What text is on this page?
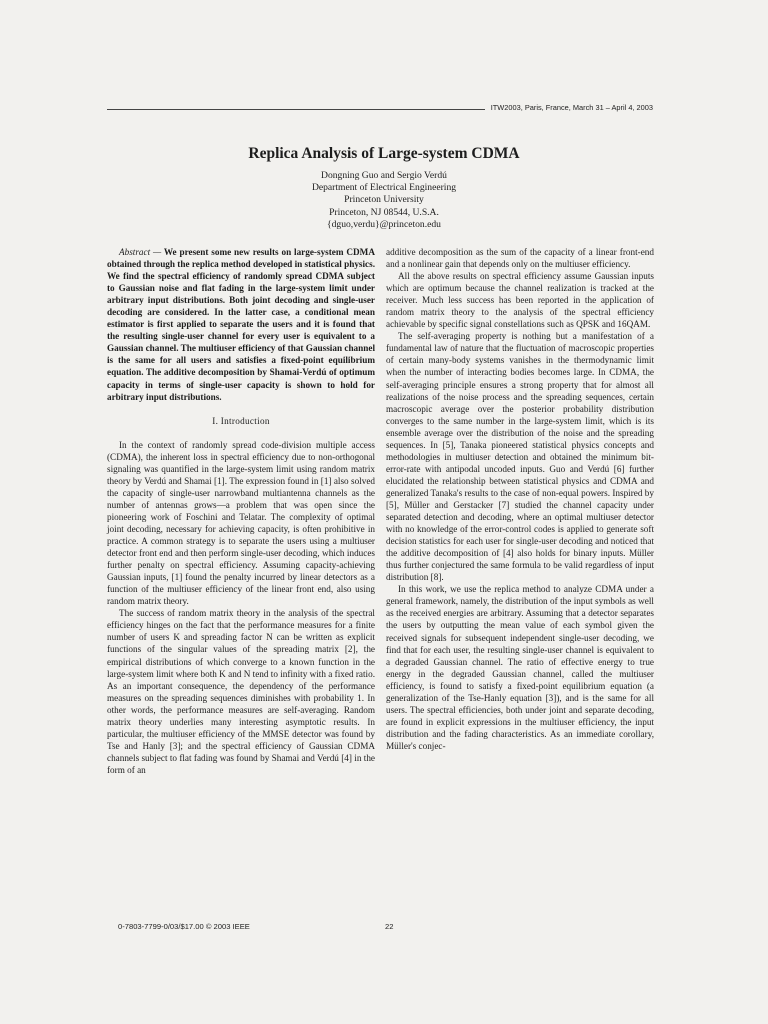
ITW2003, Paris, France, March 31 – April 4, 2003
Replica Analysis of Large-system CDMA
Dongning Guo and Sergio Verdú
Department of Electrical Engineering
Princeton University
Princeton, NJ 08544, U.S.A.
{dguo,verdu}@princeton.edu

Abstract — We present some new results on large-system CDMA obtained through the replica method developed in statistical physics. We find the spectral efficiency of randomly spread CDMA subject to Gaussian noise and flat fading in the large-system limit under arbitrary input distributions. Both joint decoding and single-user decoding are considered. In the latter case, a conditional mean estimator is first applied to separate the users and it is found that the resulting single-user channel for every user is equivalent to a Gaussian channel. The multiuser efficiency of that Gaussian channel is the same for all users and satisfies a fixed-point equilibrium equation. The additive decomposition by Shamai-Verdú of optimum capacity in terms of single-user capacity is shown to hold for arbitrary input distributions.

I. Introduction

In the context of randomly spread code-division multiple access (CDMA), the inherent loss in spectral efficiency due to non-orthogonal signaling was quantified in the large-system limit using random matrix theory by Verdú and Shamai [1]. The expression found in [1] also solved the capacity of single-user narrowband multiantenna channels as the number of antennas grows—a problem that was open since the pioneering work of Foschini and Telatar. The complexity of optimal joint decoding, necessary for achieving capacity, is often prohibitive in practice. A common strategy is to separate the users using a multiuser detector front end and then perform single-user decoding, which induces further penalty on spectral efficiency. Assuming capacity-achieving Gaussian inputs, [1] found the penalty incurred by linear detectors as a function of the multiuser efficiency of the linear front end, also using random matrix theory.

The success of random matrix theory in the analysis of the spectral efficiency hinges on the fact that the performance measures for a finite number of users K and spreading factor N can be written as explicit functions of the singular values of the spreading matrix [2], the empirical distributions of which converge to a known function in the large-system limit where both K and N tend to infinity with a fixed ratio. As an important consequence, the dependency of the performance measures on the spreading sequences diminishes with probability 1. In other words, the performance measures are self-averaging. Random matrix theory underlies many interesting asymptotic results. In particular, the multiuser efficiency of the MMSE detector was found by Tse and Hanly [3]; and the spectral efficiency of Gaussian CDMA channels subject to flat fading was found by Shamai and Verdú [4] in the form of an

additive decomposition as the sum of the capacity of a linear front-end and a nonlinear gain that depends only on the multiuser efficiency.

All the above results on spectral efficiency assume Gaussian inputs which are optimum because the channel realization is tracked at the receiver. Much less success has been reported in the application of random matrix theory to the analysis of the spectral efficiency achievable by specific signal constellations such as QPSK and 16QAM.

The self-averaging property is nothing but a manifestation of a fundamental law of nature that the fluctuation of macroscopic properties of certain many-body systems vanishes in the thermodynamic limit when the number of interacting bodies becomes large. In CDMA, the self-averaging principle ensures a strong property that for almost all realizations of the noise process and the spreading sequences, certain macroscopic average over the posterior probability distribution converges to the same number in the large-system limit, which is its ensemble average over the distribution of the noise and the spreading sequences. In [5], Tanaka pioneered statistical physics concepts and methodologies in multiuser detection and obtained the minimum bit-error-rate with antipodal uncoded inputs. Guo and Verdú [6] further elucidated the relationship between statistical physics and CDMA and generalized Tanaka's results to the case of non-equal powers. Inspired by [5], Müller and Gerstacker [7] studied the channel capacity under separated detection and decoding, where an optimal multiuser detector with no knowledge of the error-control codes is applied to generate soft decision statistics for each user for single-user decoding and noticed that the additive decomposition of [4] also holds for binary inputs. Müller thus further conjectured the same formula to be valid regardless of input distribution [8].

In this work, we use the replica method to analyze CDMA under a general framework, namely, the distribution of the input symbols as well as the received energies are arbitrary. Assuming that a detector separates the users by outputting the mean value of each symbol given the received signals for subsequent independent single-user decoding, we find that for each user, the resulting single-user channel is equivalent to a degraded Gaussian channel. The ratio of effective energy to true energy in the degraded Gaussian channel, called the multiuser efficiency, is found to satisfy a fixed-point equilibrium equation (a generalization of the Tse-Hanly equation [3]), and is the same for all users. The spectral efficiencies, both under joint and separate decoding, are found in explicit expressions in the multiuser efficiency, the input distribution and the fading characteristics. As an immediate corollary, Müller's conjec-

0-7803-7799-0/03/$17.00 © 2003 IEEE	22
